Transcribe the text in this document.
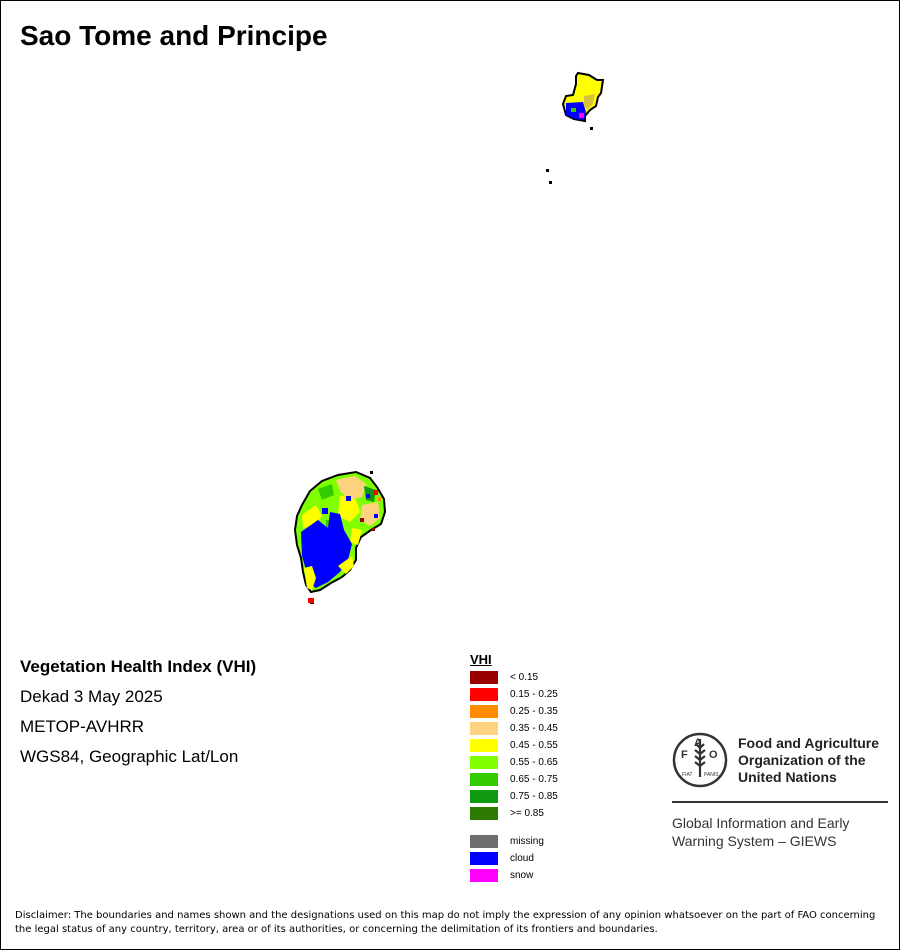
Sao Tome and Principe
Vegetation Health Index (VHI)
Dekad 3 May 2025
METOP-AVHRR
WGS84, Geographic Lat/Lon
VHI
< 0.15
0.15 - 0.25
0.25 - 0.35
0.35 - 0.45
0.45 - 0.55
0.55 - 0.65
0.65 - 0.75
0.75 - 0.85
>= 0.85
missing
cloud
snow
F O
A
FIAT PANIS
Food and Agriculture Organization of the United Nations
Global Information and Early Warning System – GIEWS
Disclaimer: The boundaries and names shown and the designations used on this map do not imply the expression of any opinion whatsoever on the part of FAO concerning the legal status of any country, territory, area or of its authorities, or concerning the delimitation of its frontiers and boundaries.
